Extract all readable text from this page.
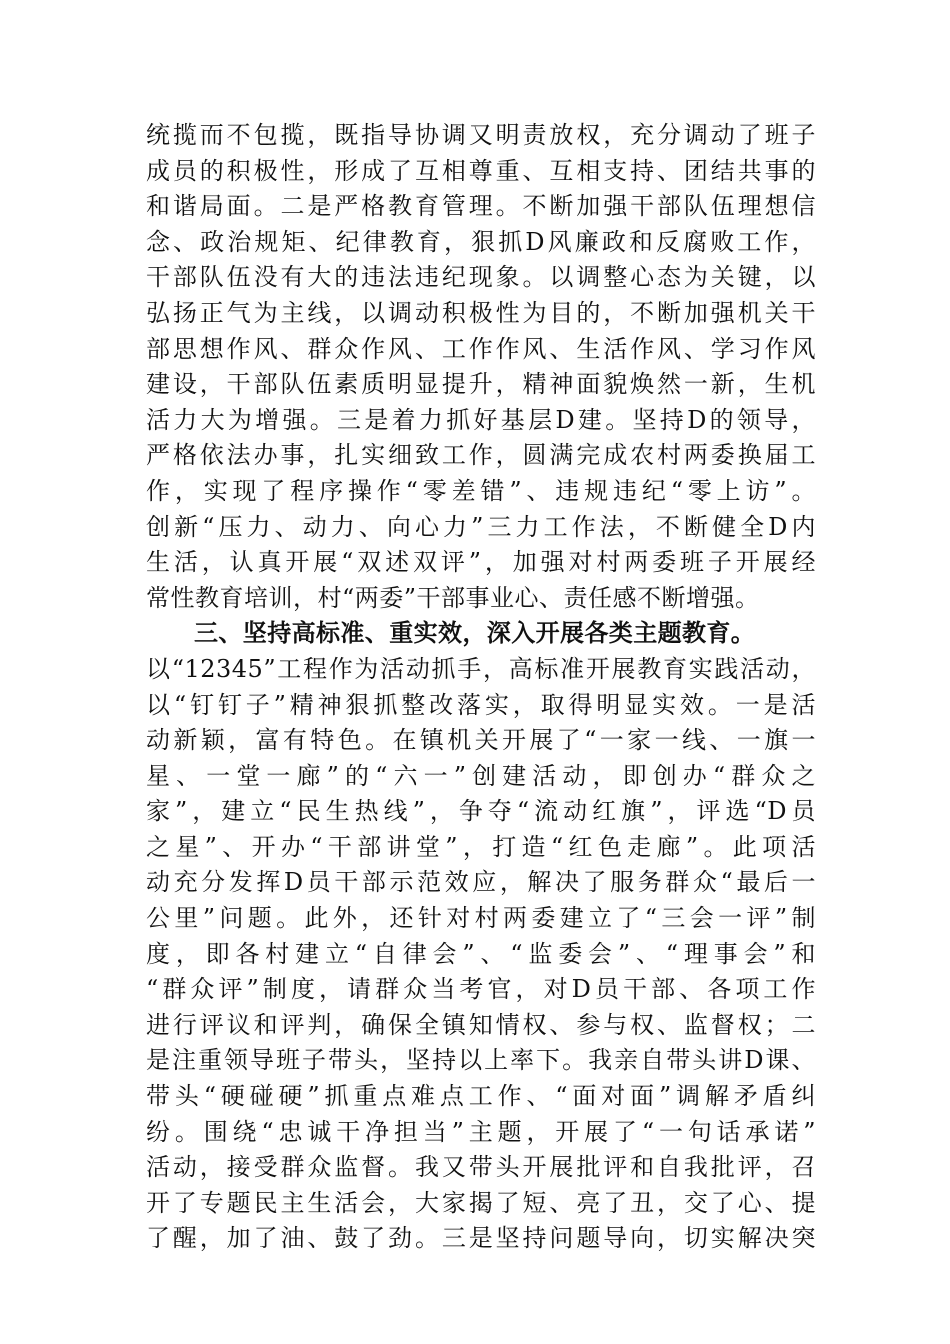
统揽而不包揽，既指导协调又明责放权，充分调动了班子
成员的积极性，形成了互相尊重、互相支持、团结共事的
和谐局面。二是严格教育管理。不断加强干部队伍理想信
念、政治规矩、纪律教育，狠抓D风廉政和反腐败工作，
干部队伍没有大的违法违纪现象。以调整心态为关键，以
弘扬正气为主线，以调动积极性为目的，不断加强机关干
部思想作风、群众作风、工作作风、生活作风、学习作风
建设，干部队伍素质明显提升，精神面貌焕然一新，生机
活力大为增强。三是着力抓好基层D建。坚持D的领导，
严格依法办事，扎实细致工作，圆满完成农村两委换届工
作，实现了程序操作“零差错”、违规违纪“零上访”。
创新“压力、动力、向心力”三力工作法，不断健全D内
生活，认真开展“双述双评”，加强对村两委班子开展经
常性教育培训，村“两委”干部事业心、责任感不断增强。
三、坚持高标准、重实效，深入开展各类主题教育。
以“12345”工程作为活动抓手，高标准开展教育实践活动，
以“钉钉子”精神狠抓整改落实，取得明显实效。一是活
动新颖，富有特色。在镇机关开展了“一家一线、一旗一
星、一堂一廊”的“六一”创建活动，即创办“群众之
家”，建立“民生热线”，争夺“流动红旗”，评选“D员
之星”、开办“干部讲堂”，打造“红色走廊”。此项活
动充分发挥D员干部示范效应，解决了服务群众“最后一
公里”问题。此外，还针对村两委建立了“三会一评”制
度，即各村建立“自律会”、“监委会”、“理事会”和
“群众评”制度，请群众当考官，对D员干部、各项工作
进行评议和评判，确保全镇知情权、参与权、监督权；二
是注重领导班子带头，坚持以上率下。我亲自带头讲D课、
带头“硬碰硬”抓重点难点工作、“面对面”调解矛盾纠
纷。围绕“忠诚干净担当”主题，开展了“一句话承诺”
活动，接受群众监督。我又带头开展批评和自我批评，召
开了专题民主生活会，大家揭了短、亮了丑，交了心、提
了醒，加了油、鼓了劲。三是坚持问题导向，切实解决突
